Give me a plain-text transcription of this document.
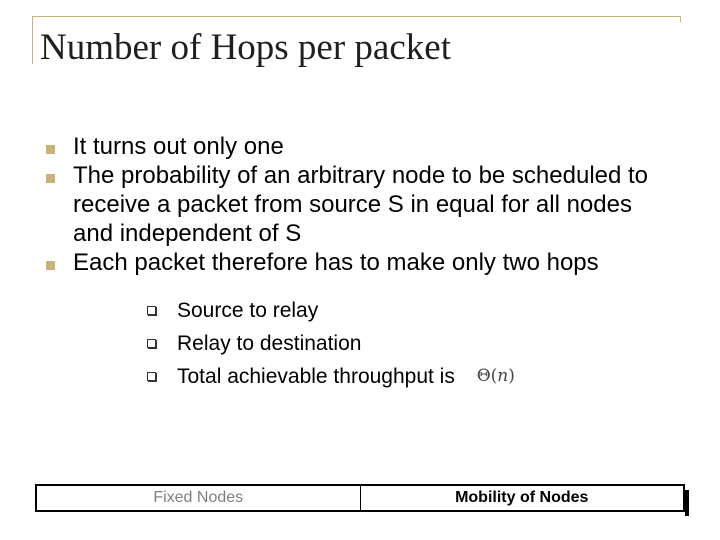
Number of Hops per packet
It turns out only one
The probability of an arbitrary node to be scheduled to receive a packet from source S in equal for all nodes and independent of S
Each packet therefore has to make only two hops
Source to relay
Relay to destination
Total achievable throughput is Θ(n)
Fixed Nodes	Mobility of Nodes
